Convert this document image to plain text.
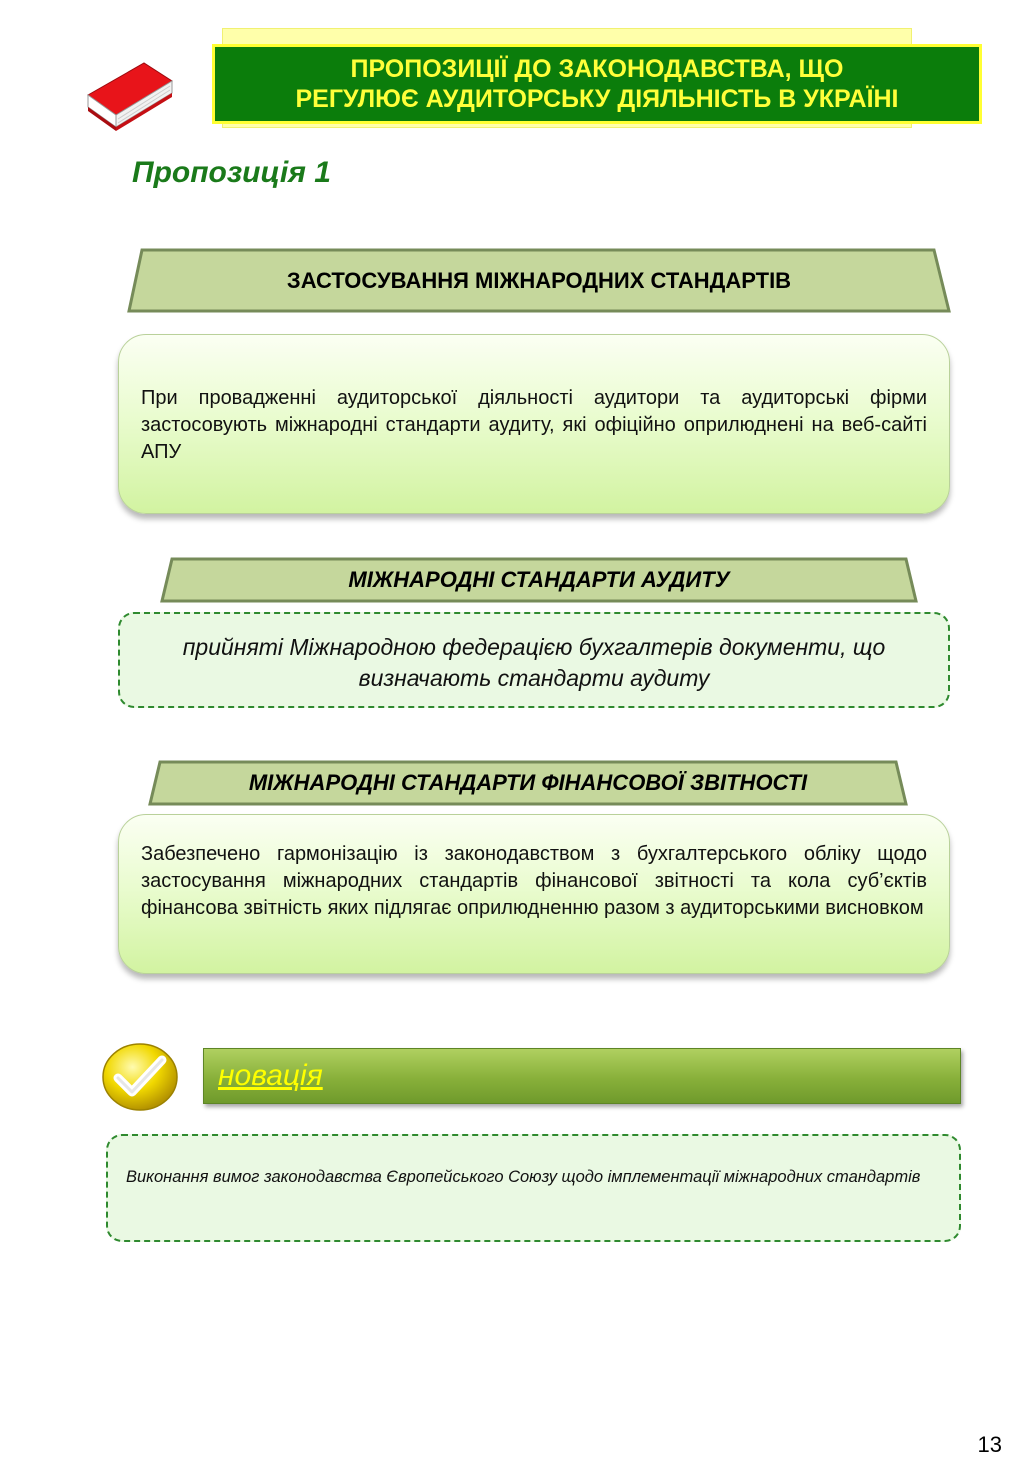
ПРОПОЗИЦІЇ ДО ЗАКОНОДАВСТВА, ЩО
РЕГУЛЮЄ АУДИТОРСЬКУ ДІЯЛЬНІСТЬ В УКРАЇНІ
Пропозиція 1
ЗАСТОСУВАННЯ МІЖНАРОДНИХ СТАНДАРТІВ

При провадженні аудиторської діяльності аудитори та аудиторські фірми застосовують міжнародні стандарти аудиту, які офіційно оприлюднені на веб-сайті АПУ

МІЖНАРОДНІ СТАНДАРТИ АУДИТУ
прийняті Міжнародною федерацією бухгалтерів документи, що визначають стандарти аудиту
МІЖНАРОДНІ СТАНДАРТИ ФІНАНСОВОЇ ЗВІТНОСТІ

Забезпечено гармонізацію із законодавством з бухгалтерського обліку щодо застосування міжнародних стандартів фінансової звітності та кола суб’єктів фінансова звітність яких підлягає оприлюдненню разом з аудиторськими висновком

новація
Виконання вимог законодавства Європейського Союзу щодо імплементації міжнародних стандартів
13
